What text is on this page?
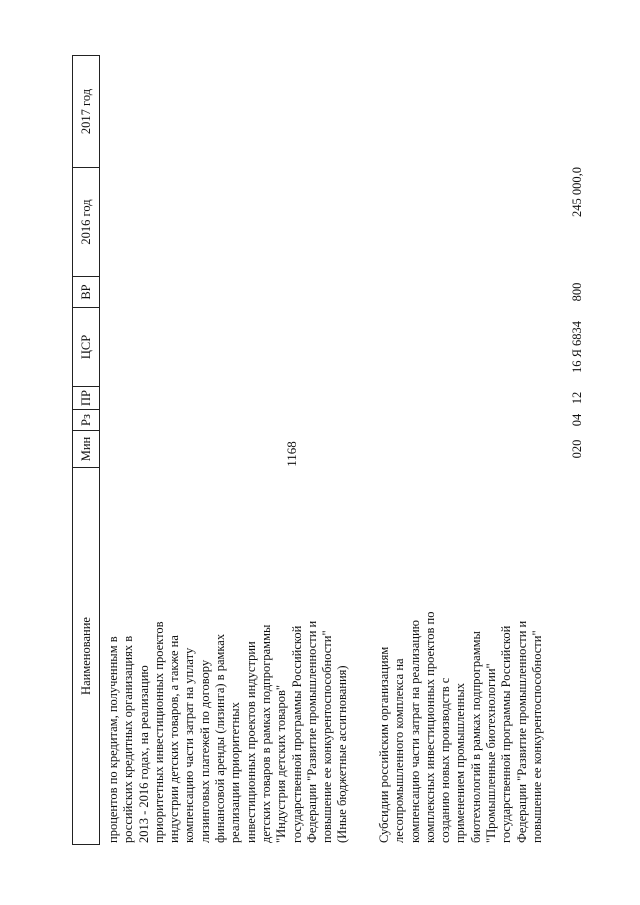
1168
Наименование
Мин
Рз
ПР
ЦСР
ВР
2016 год
2017 год
процентов по кредитам, полученным в российских кредитных организациях в 2013 - 2016 годах, на реализацию приоритетных инвестиционных проектов индустрии детских товаров, а также на компенсацию части затрат на уплату лизинговых платежей по договору финансовой аренды (лизинга) в рамках реализации приоритетных инвестиционных проектов индустрии детских товаров в рамках подпрограммы "Индустрия детских товаров" государственной программы Российской Федерации "Развитие промышленности и повышение ее конкурентоспособности" (Иные бюджетные ассигнования) Субсидии российским организациям лесопромышленного комплекса на компенсацию части затрат на реализацию комплексных инвестиционных проектов по созданию новых производств с применением промышленных биотехнологий в рамках подпрограммы "Промышленные биотехнологии" государственной программы Российской Федерации "Развитие промышленности и повышение ее конкурентоспособности"
020
04
12
16 Я 6834
800
245 000,0
